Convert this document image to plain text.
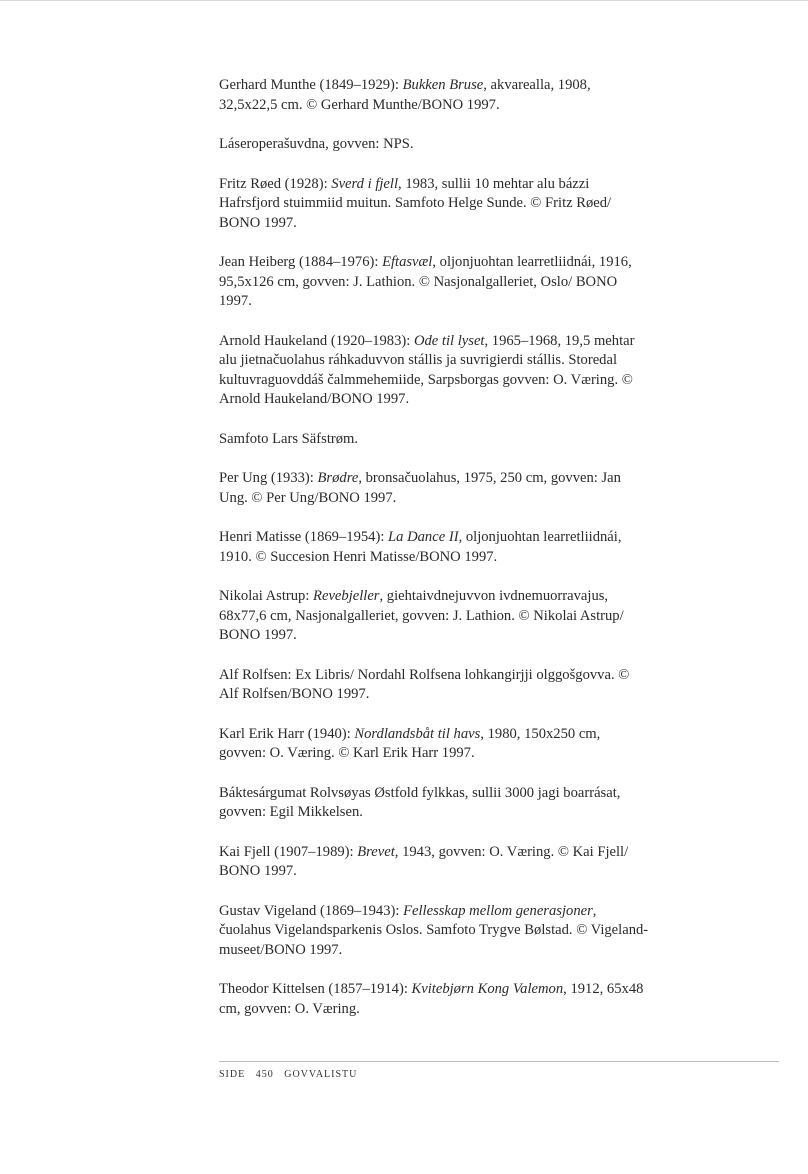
Gerhard Munthe (1849–1929): Bukken Bruse, akvarealla, 1908, 32,5x22,5 cm. © Gerhard Munthe/BONO 1997.

Láseroperašuvdna, govven: NPS.

Fritz Røed (1928): Sverd i fjell, 1983, sullii 10 mehtar alu bázzi Hafrsfjord stuimmiid muitun. Samfoto Helge Sunde. © Fritz Røed/ BONO 1997.

Jean Heiberg (1884–1976): Eftasvæl, oljonjuohtan learretliidnái, 1916, 95,5x126 cm, govven: J. Lathion. © Nasjonalgalleriet, Oslo/ BONO 1997.

Arnold Haukeland (1920–1983): Ode til lyset, 1965–1968, 19,5 mehtar alu jietnačuolahus ráhkaduvvon stállis ja suvrigierdi stállis. Storedal kultuvraguovddáš čalmmehemiide, Sarpsborgas govven: O. Væring. © Arnold Haukeland/BONO 1997.

Samfoto Lars Säfstrøm.

Per Ung (1933): Brødre, bronsačuolahus, 1975, 250 cm, govven: Jan Ung. © Per Ung/BONO 1997.

Henri Matisse (1869–1954): La Dance II, oljonjuohtan learretliidnái, 1910. © Succesion Henri Matisse/BONO 1997.

Nikolai Astrup: Revebjeller, giehtaivdnejuvvon ivdnemuorravajus, 68x77,6 cm, Nasjonalgalleriet, govven: J. Lathion. © Nikolai Astrup/ BONO 1997.

Alf Rolfsen: Ex Libris/ Nordahl Rolfsena lohkangirjji olggošgovva. © Alf Rolfsen/BONO 1997.

Karl Erik Harr (1940): Nordlandsbåt til havs, 1980, 150x250 cm, govven: O. Væring. © Karl Erik Harr 1997.

Báktesárgumat Rolvsøyas Østfold fylkkas, sullii 3000 jagi boarrásat, govven: Egil Mikkelsen.

Kai Fjell (1907–1989): Brevet, 1943, govven: O. Væring. © Kai Fjell/ BONO 1997.

Gustav Vigeland (1869–1943): Fellesskap mellom generasjoner, čuolahus Vigelandsparkenis Oslos. Samfoto Trygve Bølstad. © Vigeland-museet/BONO 1997.

Theodor Kittelsen (1857–1914): Kvitebjørn Kong Valemon, 1912, 65x48 cm, govven: O. Væring.

SIDE 450 GOVVALISTU
